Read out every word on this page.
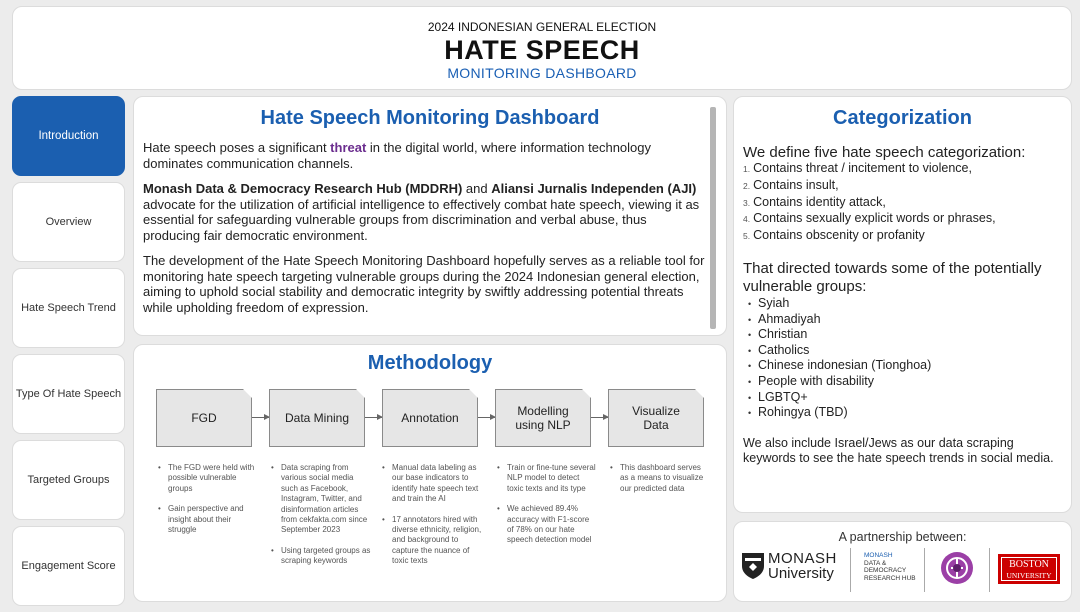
2024 INDONESIAN GENERAL ELECTION
HATE SPEECH
MONITORING DASHBOARD
Introduction
Overview
Hate Speech Trend
Type Of Hate Speech
Targeted Groups
Engagement Score
Hate Speech Monitoring Dashboard

Hate speech poses a significant threat in the digital world, where information technology dominates communication channels.

Monash Data & Democracy Research Hub (MDDRH) and Aliansi Jurnalis Independen (AJI) advocate for the utilization of artificial intelligence to effectively combat hate speech, viewing it as essential for safeguarding vulnerable groups from discrimination and verbal abuse, thus producing fair democratic environment.

The development of the Hate Speech Monitoring Dashboard hopefully serves as a reliable tool for monitoring hate speech targeting vulnerable groups during the 2024 Indonesian general election, aiming to uphold social stability and democratic integrity by swiftly addressing potential threats while upholding freedom of expression.

Methodology
FGD	Data Mining	Annotation	Modelling using NLP
Visualize Data
• The FGD were held with possible vulnerable groups
• Gain perspective and insight about their struggle
• Data scraping from various social media such as Facebook, Instagram, Twitter, and disinformation articles from cekfakta.com since September 2023
• Using targeted groups as scraping keywords
• Manual data labeling as our base indicators to identify hate speech text and train the AI
• 17 annotators hired with diverse ethnicity, religion, and background to capture the nuance of toxic texts
• Train or fine-tune several NLP model to detect toxic texts and its type
• We achieved 89.4% accuracy with F1-score of 78% on our hate speech detection model
• This dashboard serves as a means to visualize our predicted data
Categorization
We define five hate speech categorization:
1. Contains threat / incitement to violence,
2. Contains insult,
3. Contains identity attack,
4. Contains sexually explicit words or phrases,
5. Contains obscenity or profanity
That directed towards some of the potentially vulnerable groups:
• Syiah
• Ahmadiyah
• Christian
• Catholics
• Chinese indonesian (Tionghoa)
• People with disability
• LGBTQ+
• Rohingya (TBD)
We also include Israel/Jews as our data scraping keywords to see the hate speech trends in social media.
A partnership between:
MONASH
University
MONASH
DATA &
DEMOCRACY
RESEARCH HUB
BOSTON
UNIVERSITY
